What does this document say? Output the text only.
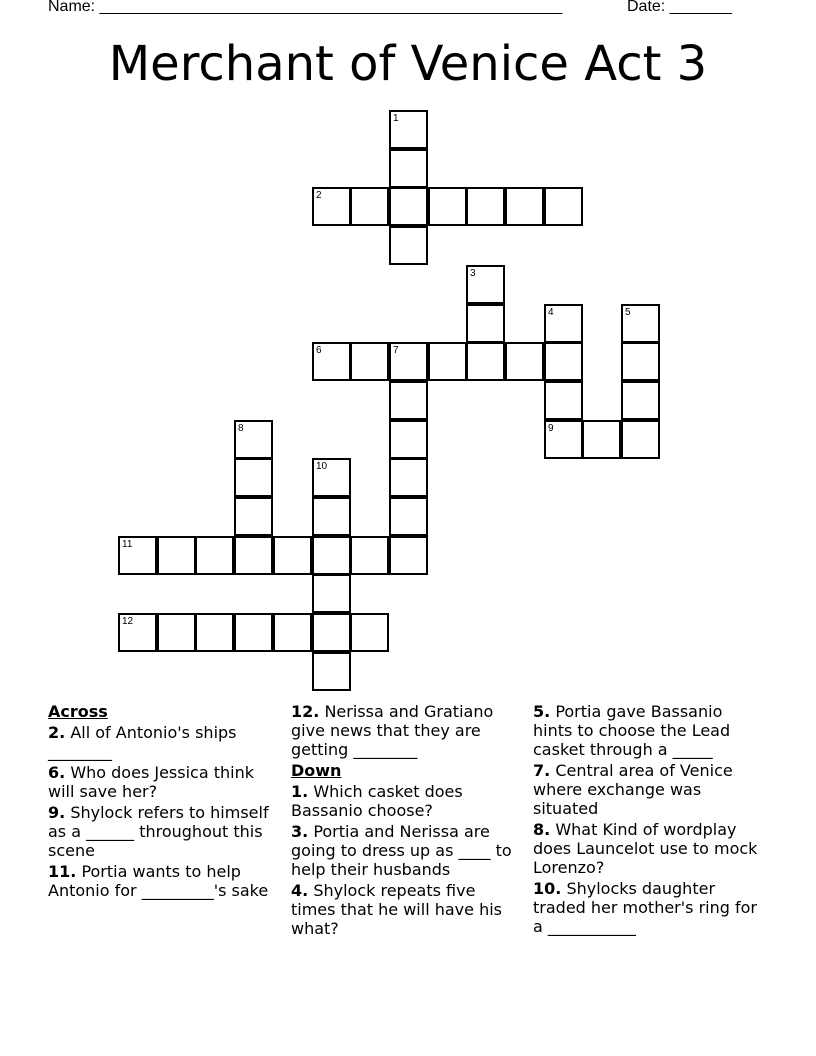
Name: ____________________________________________________	Date: _______
Merchant of Venice Act 3
1
2
3
4	5
6	7
8	9
10
11
12
Across
2. All of Antonio's ships ________
6. Who does Jessica think will save her?
9. Shylock refers to himself as a ______ throughout this scene
11. Portia wants to help Antonio for _________'s sake
12. Nerissa and Gratiano give news that they are getting ________
Down
1. Which casket does Bassanio choose?
3. Portia and Nerissa are going to dress up as ____ to help their husbands
4. Shylock repeats five times that he will have his what?
5. Portia gave Bassanio hints to choose the Lead casket through a _____
7. Central area of Venice where exchange was situated
8. What Kind of wordplay does Launcelot use to mock Lorenzo?
10. Shylocks daughter traded her mother's ring for a ___________
